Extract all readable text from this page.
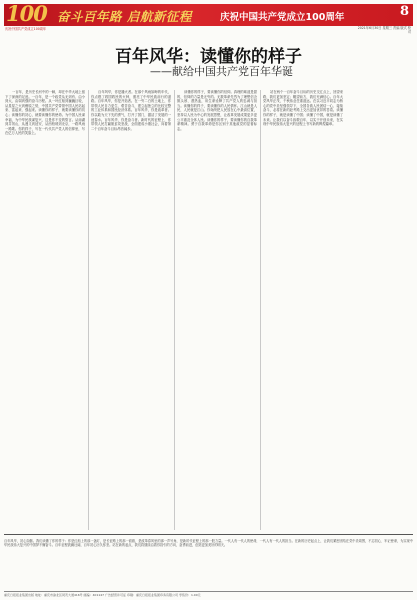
100 奋斗百年路 启航新征程	庆祝中国共产党成立100周年	8
庆祝中国共产党成立100周年	2021年6月30日 星期三 责编 版式 校对
百年风华：读懂你的样子
——献给中国共产党百年华诞

一百年，是历史长河中的一瞬，却在中华大地上留下了深深的足迹。一百年，是一个政党从无到有、由小到大、由弱到强的奋斗历程。从一叶红船到巍巍巨轮，从星星之火到燎原之势，中国共产党带领中国人民站起来、富起来、强起来。读懂你的样子，就要读懂你的初心；读懂你的初心，就要读懂你的使命。为中国人民谋幸福，为中华民族谋复兴，这是你不变的誓言。从南湖到井冈山，从遵义到延安，从西柏坡到北京，一路风雨一路歌。你的样子，写在一代代共产党人的信仰里，写在亿万人民的笑脸上。

百年风华，你是播火者。在那个风雨如晦的年代，你点燃了救国救民的火种，照亮了中华民族前行的道路。百年风华，你是开拓者。在一穷二白的土地上，你带领人民自力更生、艰苦奋斗，建立起独立的比较完整的工业体系和国民经济体系。百年风华，你是改革者。你以敢为天下先的勇气，打开了国门，激活了发展的一池春水。百年风华，你是奋斗者。新时代的征程上，你带领人民打赢脱贫攻坚战，全面建成小康社会，向着第二个百年奋斗目标昂首阔步。

读懂你的样子，要读懂你的信仰。真理的味道是甜的，信仰的力量是无穷的。无数革命先烈为了理想信念抛头颅、洒热血，用生命诠释了共产党人的忠诚与担当。读懂你的样子，要读懂你的人民情怀。江山就是人民，人民就是江山。你始终把人民放在心中最高位置，坚持以人民为中心的发展思想，让改革发展成果更多更公平惠及全体人民。读懂你的样子，要读懂你的自我革命精神。勇于自我革命是你区别于其他政党的显著标志。

站在两个一百年奋斗目标的历史交汇点上，回望来路，我们更加坚定；眺望前方，我们充满信心。百年大党风华正茂，千秋伟业任重道远。在以习近平同志为核心的党中央坚强领导下，全国各族人民团结一心、接续奋斗，必将在新的赶考路上交出更加优异的答卷。读懂你的样子，就是读懂了中国；读懂了中国，就是读懂了未来。让我们以奋斗致敬百年，以实干开创未来，在实现中华民族伟大复兴的征程上书写新的辉煌篇章。

百年风华，初心如磐。我们读懂了你的样子：你是红船上的那一盏灯，是长征路上的那一面旗，是改革春风里的那一声号角，是新时代征程上的那一股力量。一代人有一代人的使命，一代人有一代人的担当。在新的历史起点上，让我们紧密团结在党中央周围，不忘初心、牢记使命，为实现中华民族伟大复兴的中国梦不懈奋斗。百年征程波澜壮阔，百年初心历久弥坚。站在新的起点，我们将继续沿着你指引的方向，奋勇前进，创造更加美好的明天。
重庆日报报业集团出版 地址：重庆市渝北区同茂大道416号 邮编：401147 广告经营许可证 印刷：重庆日报报业集团印务有限公司 零售价：1.00元
